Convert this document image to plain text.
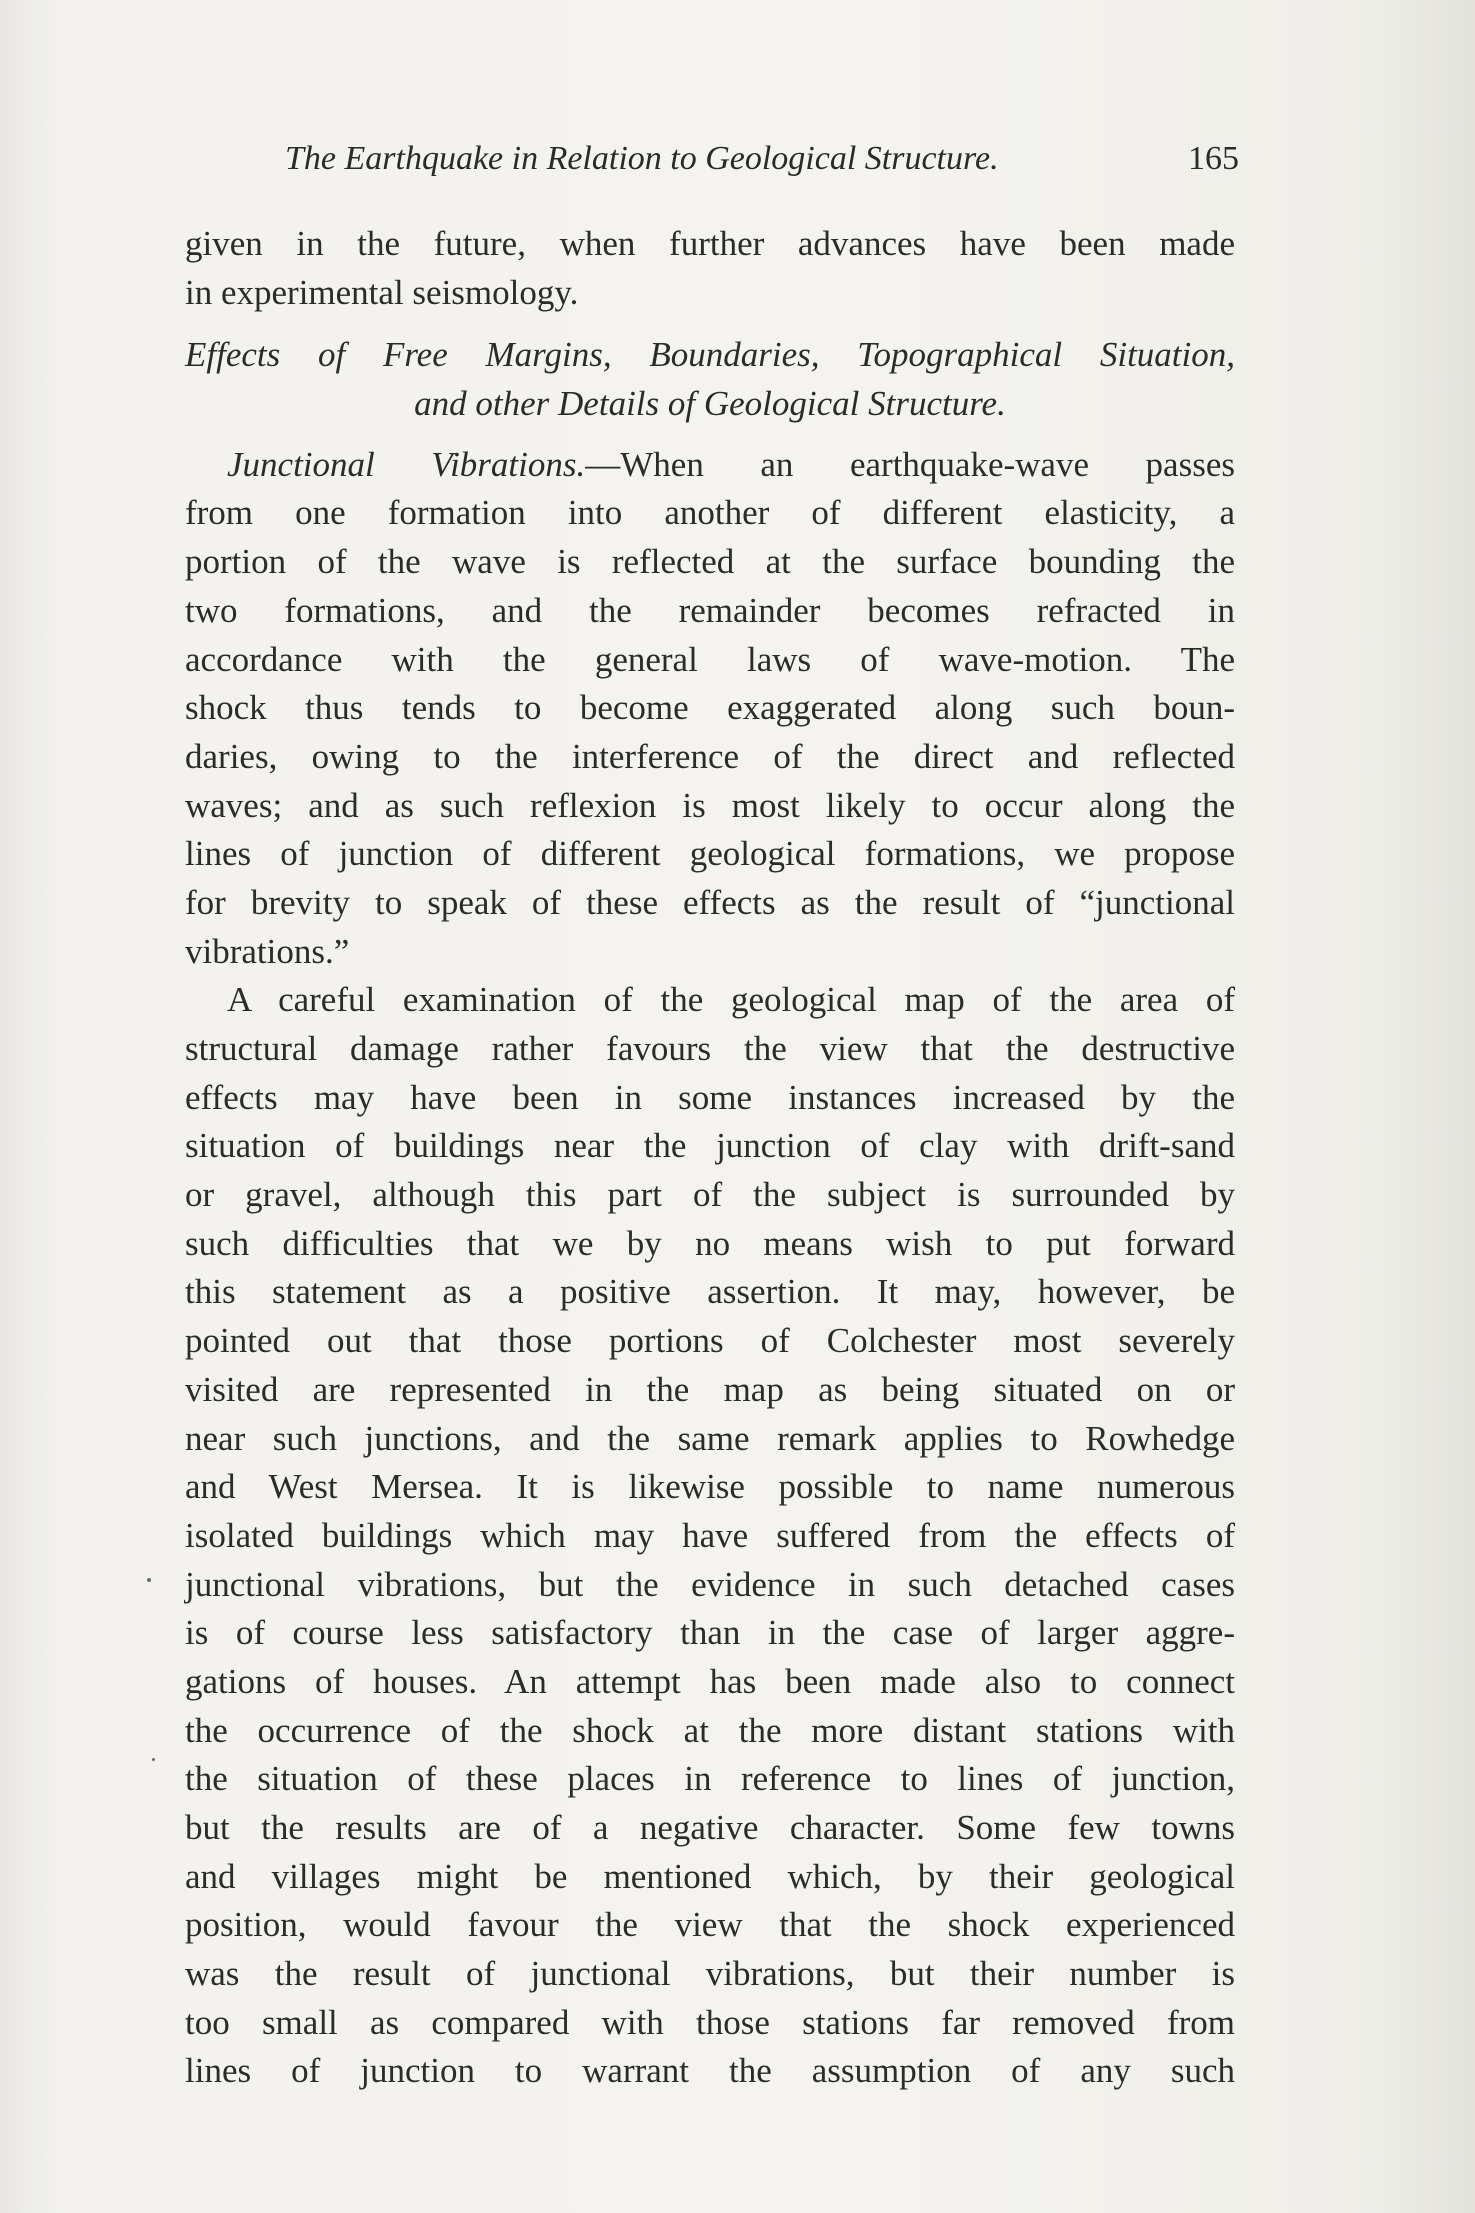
The Earthquake in Relation to Geological Structure.	165
given in the future, when further advances have been made
in experimental seismology.
Effects of Free Margins, Boundaries, Topographical Situation,
and other Details of Geological Structure.
Junctional Vibrations.—When an earthquake-wave passes
from one formation into another of different elasticity, a
portion of the wave is reflected at the surface bounding the
two formations, and the remainder becomes refracted in
accordance with the general laws of wave-motion. The
shock thus tends to become exaggerated along such boun-
daries, owing to the interference of the direct and reflected
waves; and as such reflexion is most likely to occur along the
lines of junction of different geological formations, we propose
for brevity to speak of these effects as the result of “junctional
vibrations.”
A careful examination of the geological map of the area of
structural damage rather favours the view that the destructive
effects may have been in some instances increased by the
situation of buildings near the junction of clay with drift-sand
or gravel, although this part of the subject is surrounded by
such difficulties that we by no means wish to put forward
this statement as a positive assertion. It may, however, be
pointed out that those portions of Colchester most severely
visited are represented in the map as being situated on or
near such junctions, and the same remark applies to Rowhedge
and West Mersea. It is likewise possible to name numerous
isolated buildings which may have suffered from the effects of
junctional vibrations, but the evidence in such detached cases
is of course less satisfactory than in the case of larger aggre-
gations of houses. An attempt has been made also to connect
the occurrence of the shock at the more distant stations with
the situation of these places in reference to lines of junction,
but the results are of a negative character. Some few towns
and villages might be mentioned which, by their geological
position, would favour the view that the shock experienced
was the result of junctional vibrations, but their number is
too small as compared with those stations far removed from
lines of junction to warrant the assumption of any such
